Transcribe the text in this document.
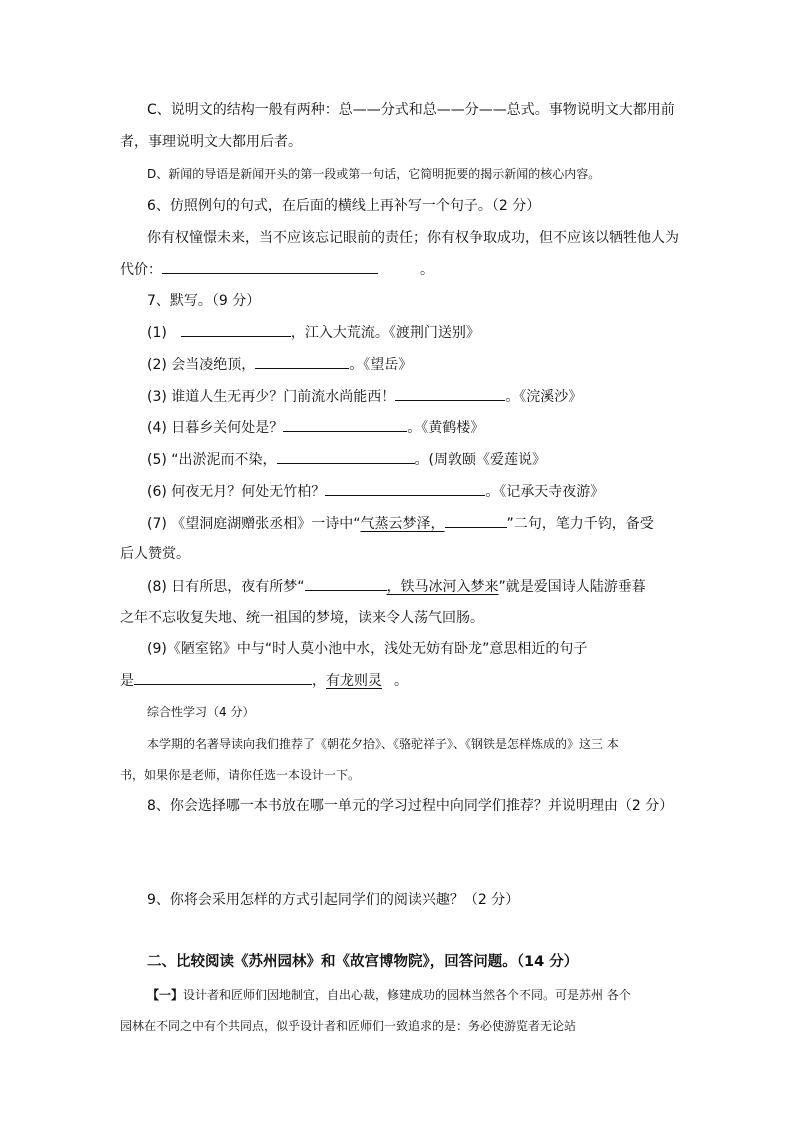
C、说明文的结构一般有两种：总——分式和总——分——总式。事物说明文大都用前
者，事理说明文大都用后者。
D、新闻的导语是新闻开头的第一段或第一句话，它简明扼要的揭示新闻的核心内容。
6、仿照例句的句式，在后面的横线上再补写一个句子。（2 分）
你有权憧憬未来，当不应该忘记眼前的责任；你有权争取成功，但不应该以牺牲他人为
代价：	。
7、默写。（9 分）
(1)	，江入大荒流。《渡荆门送别》
(2) 会当凌绝顶，	。《望岳》
(3) 谁道人生无再少？门前流水尚能西！	。《浣溪沙》
(4) 日暮乡关何处是？	。《黄鹤楼》
(5) “出淤泥而不染，	。(周敦颐《爱莲说》
(6) 何夜无月？何处无竹柏？	。《记承天寺夜游》
(7) 《望洞庭湖赠张丞相》一诗中“气蒸云梦泽，	”二句，笔力千钧，备受
后人赞赏。
(8) 日有所思，夜有所梦“	，铁马冰河入梦来”就是爱国诗人陆游垂暮
之年不忘收复失地、统一祖国的梦境，读来令人荡气回肠。
(9)《陋室铭》中与“时人莫小池中水，浅处无妨有卧龙”意思相近的句子
是	，有龙则灵 。
综合性学习（4 分）
本学期的名著导读向我们推荐了《朝花夕拾》、《骆驼祥子》、《钢铁是怎样炼成的》这三 本
书，如果你是老师，请你任选一本设计一下。
8、你会选择哪一本书放在哪一单元的学习过程中向同学们推荐？并说明理由（2 分）
9、你将会采用怎样的方式引起同学们的阅读兴趣？（2 分）
二、比较阅读《苏州园林》和《故宫博物院》，回答问题。（14 分）
【一】设计者和匠师们因地制宜，自出心裁，修建成功的园林当然各个不同。可是苏州 各个
园林在不同之中有个共同点，似乎设计者和匠师们一致追求的是：务必使游览者无论站
